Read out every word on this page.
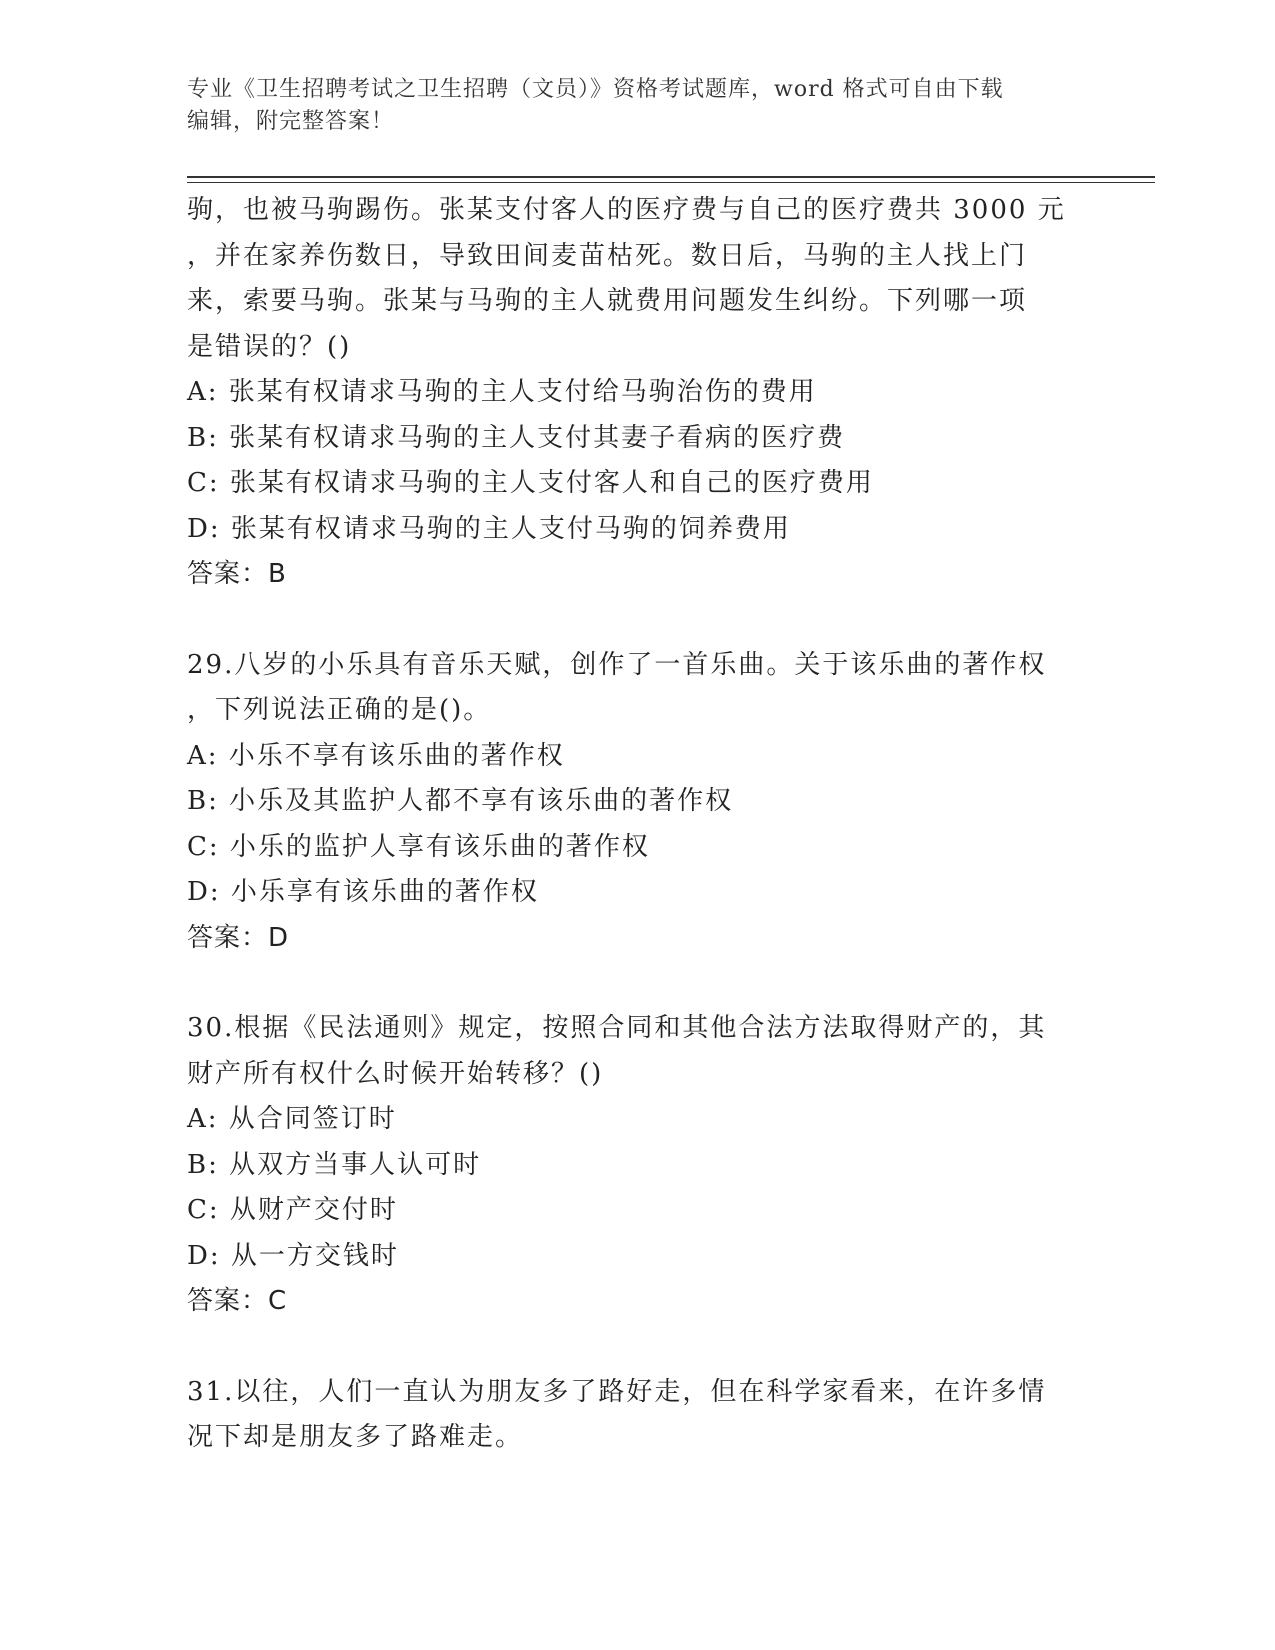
专业《卫生招聘考试之卫生招聘（文员）》资格考试题库，word 格式可自由下载
编辑，附完整答案！
驹，也被马驹踢伤。张某支付客人的医疗费与自己的医疗费共 3000 元
，并在家养伤数日，导致田间麦苗枯死。数日后，马驹的主人找上门
来，索要马驹。张某与马驹的主人就费用问题发生纠纷。下列哪一项
是错误的？()
A: 张某有权请求马驹的主人支付给马驹治伤的费用
B: 张某有权请求马驹的主人支付其妻子看病的医疗费
C: 张某有权请求马驹的主人支付客人和自己的医疗费用
D: 张某有权请求马驹的主人支付马驹的饲养费用
答案：B
29.八岁的小乐具有音乐天赋，创作了一首乐曲。关于该乐曲的著作权
，下列说法正确的是()。
A: 小乐不享有该乐曲的著作权
B: 小乐及其监护人都不享有该乐曲的著作权
C: 小乐的监护人享有该乐曲的著作权
D: 小乐享有该乐曲的著作权
答案：D
30.根据《民法通则》规定，按照合同和其他合法方法取得财产的，其
财产所有权什么时候开始转移？()
A: 从合同签订时
B: 从双方当事人认可时
C: 从财产交付时
D: 从一方交钱时
答案：C
31.以往，人们一直认为朋友多了路好走，但在科学家看来，在许多情
况下却是朋友多了路难走。
